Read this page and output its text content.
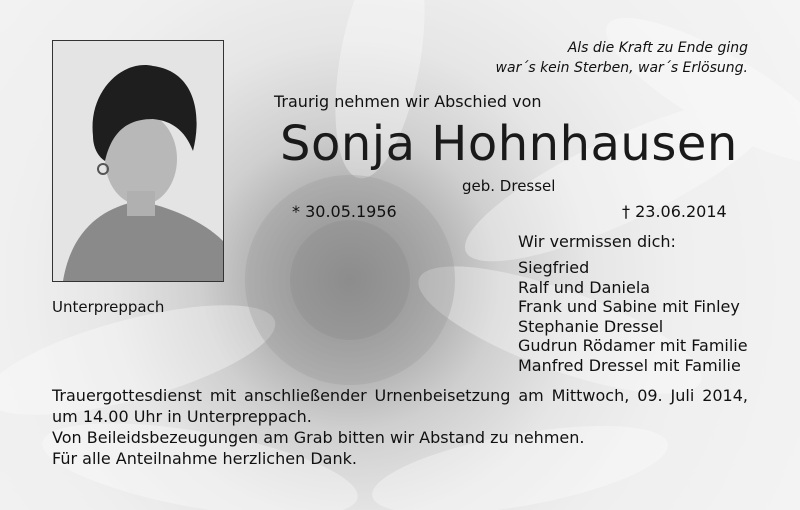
Als die Kraft zu Ende ging
war´s kein Sterben, war´s Erlösung.
Traurig nehmen wir Abschied von
Sonja Hohnhausen
geb. Dressel
* 30.05.1956	† 23.06.2014
Wir vermissen dich:
Siegfried
Ralf und Daniela
Frank und Sabine mit Finley
Stephanie Dressel
Gudrun Rödamer mit Familie
Manfred Dressel mit Familie
Unterpreppach
Trauergottesdienst mit anschließender Urnenbeisetzung am Mittwoch, 09. Juli 2014,
um 14.00 Uhr in Unterpreppach.
Von Beileidsbezeugungen am Grab bitten wir Abstand zu nehmen.
Für alle Anteilnahme herzlichen Dank.
